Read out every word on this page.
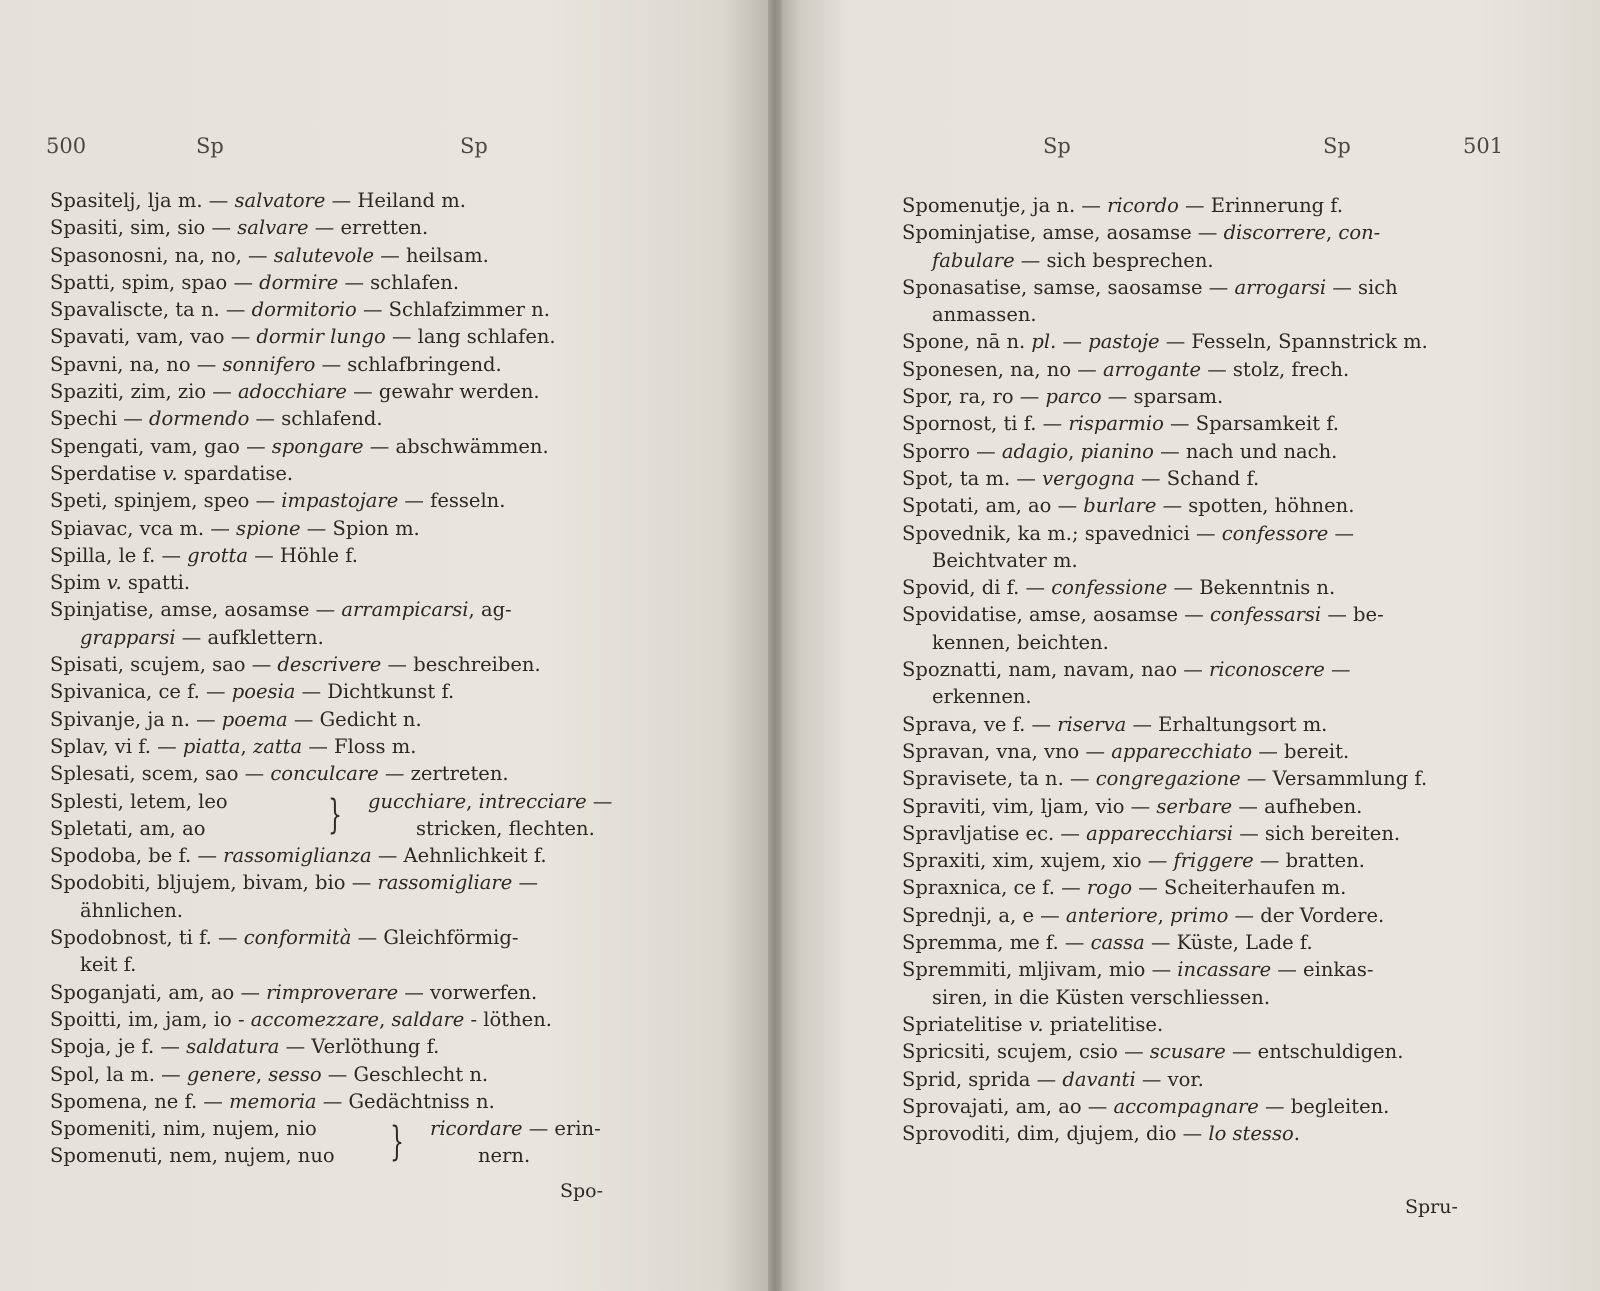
500	Sp	Sp
Spasitelj, lja m. — salvatore — Heiland m.
Spasiti, sim, sio — salvare — erretten.
Spasonosni, na, no, — salutevole — heilsam.
Spatti, spim, spao — dormire — schlafen.
Spavaliscte, ta n. — dormitorio — Schlafzimmer n.
Spavati, vam, vao — dormir lungo — lang schlafen.
Spavni, na, no — sonnifero — schlafbringend.
Spaziti, zim, zio — adocchiare — gewahr werden.
Spechi — dormendo — schlafend.
Spengati, vam, gao — spongare — abschwämmen.
Sperdatise v. spardatise.
Speti, spinjem, speo — impastojare — fesseln.
Spiavac, vca m. — spione — Spion m.
Spilla, le f. — grotta — Höhle f.
Spim v. spatti.
Spinjatise, amse, aosamse — arrampicarsi, ag-
grapparsi — aufklettern.
Spisati, scujem, sao — descrivere — beschreiben.
Spivanica, ce f. — poesia — Dichtkunst f.
Spivanje, ja n. — poema — Gedicht n.
Splav, vi f. — piatta, zatta — Floss m.
Splesati, scem, sao — conculcare — zertreten.
Splesti, letem, leo
Spletati, am, ao	}	gucchiare, intrecciare —
stricken, flechten.
Spodoba, be f. — rassomiglianza — Aehnlichkeit f.
Spodobiti, bljujem, bivam, bio — rassomigliare —
ähnlichen.
Spodobnost, ti f. — conformità — Gleichförmig-
keit f.
Spoganjati, am, ao — rimproverare — vorwerfen.
Spoitti, im, jam, io - accomezzare, saldare - löthen.
Spoja, je f. — saldatura — Verlöthung f.
Spol, la m. — genere, sesso — Geschlecht n.
Spomena, ne f. — memoria — Gedächtniss n.
Spomeniti, nim, nujem, nio
Spomenuti, nem, nujem, nuo	}	ricordare — erin-
nern.
Spo-
Sp	Sp	501
Spomenutje, ja n. — ricordo — Erinnerung f.
Spominjatise, amse, aosamse — discorrere, con-
fabulare — sich besprechen.
Sponasatise, samse, saosamse — arrogarsi — sich
anmassen.
Spone, nā n. pl. — pastoje — Fesseln, Spannstrick m.
Sponesen, na, no — arrogante — stolz, frech.
Spor, ra, ro — parco — sparsam.
Spornost, ti f. — risparmio — Sparsamkeit f.
Sporro — adagio, pianino — nach und nach.
Spot, ta m. — vergogna — Schand f.
Spotati, am, ao — burlare — spotten, höhnen.
Spovednik, ka m.; spavednici — confessore —
Beichtvater m.
Spovid, di f. — confessione — Bekenntnis n.
Spovidatise, amse, aosamse — confessarsi — be-
kennen, beichten.
Spoznatti, nam, navam, nao — riconoscere —
erkennen.
Sprava, ve f. — riserva — Erhaltungsort m.
Spravan, vna, vno — apparecchiato — bereit.
Spravisete, ta n. — congregazione — Versammlung f.
Spraviti, vim, ljam, vio — serbare — aufheben.
Spravljatise ec. — apparecchiarsi — sich bereiten.
Spraxiti, xim, xujem, xio — friggere — bratten.
Spraxnica, ce f. — rogo — Scheiterhaufen m.
Sprednji, a, e — anteriore, primo — der Vordere.
Spremma, me f. — cassa — Küste, Lade f.
Spremmiti, mljivam, mio — incassare — einkas-
siren, in die Küsten verschliessen.
Spriatelitise v. priatelitise.
Spricsiti, scujem, csio — scusare — entschuldigen.
Sprid, sprida — davanti — vor.
Sprovajati, am, ao — accompagnare — begleiten.
Sprovoditi, dim, djujem, dio — lo stesso.
Spru-
